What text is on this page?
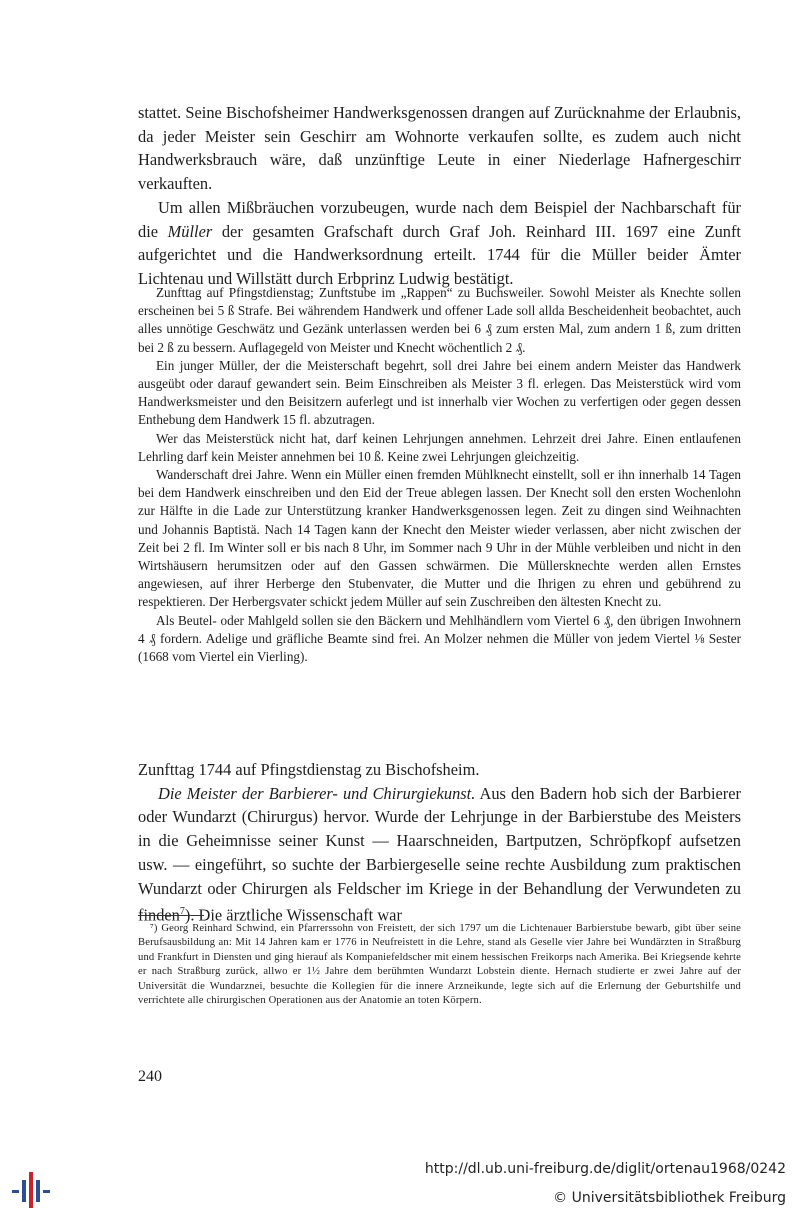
stattet. Seine Bischofsheimer Handwerksgenossen drangen auf Zurücknahme der Erlaubnis, da jeder Meister sein Geschirr am Wohnorte verkaufen sollte, es zudem auch nicht Handwerksbrauch wäre, daß unzünftige Leute in einer Niederlage Hafnergeschirr verkauften.

Um allen Mißbräuchen vorzubeugen, wurde nach dem Beispiel der Nachbarschaft für die Müller der gesamten Grafschaft durch Graf Joh. Reinhard III. 1697 eine Zunft aufgerichtet und die Handwerksordnung erteilt. 1744 für die Müller beider Ämter Lichtenau und Willstätt durch Erbprinz Ludwig bestätigt.

Zunfttag auf Pfingstdienstag; Zunftstube im „Rappen“ zu Buchsweiler. Sowohl Meister als Knechte sollen erscheinen bei 5 ß Strafe. Bei währendem Handwerk und offener Lade soll allda Bescheidenheit beobachtet, auch alles unnötige Geschwätz und Gezänk unterlassen werden bei 6 ₰ zum ersten Mal, zum andern 1 ß, zum dritten bei 2 ß zu bessern. Auflagegeld von Meister und Knecht wöchentlich 2 ₰.

Ein junger Müller, der die Meisterschaft begehrt, soll drei Jahre bei einem andern Meister das Handwerk ausgeübt oder darauf gewandert sein. Beim Einschreiben als Meister 3 fl. erlegen. Das Meisterstück wird vom Handwerksmeister und den Beisitzern auferlegt und ist innerhalb vier Wochen zu verfertigen oder gegen dessen Enthebung dem Handwerk 15 fl. abzutragen.

Wer das Meisterstück nicht hat, darf keinen Lehrjungen annehmen. Lehrzeit drei Jahre. Einen entlaufenen Lehrling darf kein Meister annehmen bei 10 ß. Keine zwei Lehrjungen gleichzeitig.

Wanderschaft drei Jahre. Wenn ein Müller einen fremden Mühlknecht einstellt, soll er ihn innerhalb 14 Tagen bei dem Handwerk einschreiben und den Eid der Treue ablegen lassen. Der Knecht soll den ersten Wochenlohn zur Hälfte in die Lade zur Unterstützung kranker Handwerksgenossen legen. Zeit zu dingen sind Weihnachten und Johannis Baptistä. Nach 14 Tagen kann der Knecht den Meister wieder verlassen, aber nicht zwischen der Zeit bei 2 fl. Im Winter soll er bis nach 8 Uhr, im Sommer nach 9 Uhr in der Mühle verbleiben und nicht in den Wirtshäusern herumsitzen oder auf den Gassen schwärmen. Die Müllersknechte werden allen Ernstes angewiesen, auf ihrer Herberge den Stubenvater, die Mutter und die Ihrigen zu ehren und gebührend zu respektieren. Der Herbergsvater schickt jedem Müller auf sein Zuschreiben den ältesten Knecht zu.

Als Beutel- oder Mahlgeld sollen sie den Bäckern und Mehlhändlern vom Viertel 6 ₰, den übrigen Inwohnern 4 ₰ fordern. Adelige und gräfliche Beamte sind frei. An Molzer nehmen die Müller von jedem Viertel ⅛ Sester (1668 vom Viertel ein Vierling).

Zunfttag 1744 auf Pfingstdienstag zu Bischofsheim.

Die Meister der Barbierer- und Chirurgiekunst. Aus den Badern hob sich der Barbierer oder Wundarzt (Chirurgus) hervor. Wurde der Lehrjunge in der Barbierstube des Meisters in die Geheimnisse seiner Kunst — Haarschneiden, Bartputzen, Schröpfkopf aufsetzen usw. — eingeführt, so suchte der Barbiergeselle seine rechte Ausbildung zum praktischen Wundarzt oder Chirurgen als Feldscher im Kriege in der Behandlung der Verwundeten zu finden$^7$). Die ärztliche Wissenschaft war

⁷) Georg Reinhard Schwind, ein Pfarrerssohn von Freistett, der sich 1797 um die Lichtenauer Barbierstube bewarb, gibt über seine Berufsausbildung an: Mit 14 Jahren kam er 1776 in Neufreistett in die Lehre, stand als Geselle vier Jahre bei Wundärzten in Straßburg und Frankfurt in Diensten und ging hierauf als Kompaniefeldscher mit einem hessischen Freikorps nach Amerika. Bei Kriegsende kehrte er nach Straßburg zurück, allwo er 1½ Jahre dem berühmten Wundarzt Lobstein diente. Hernach studierte er zwei Jahre auf der Universität die Wundarznei, besuchte die Kollegien für die innere Arzneikunde, legte sich auf die Erlernung der Geburtshilfe und verrichtete alle chirurgischen Operationen aus der Anatomie an toten Körpern.

240
http://dl.ub.uni-freiburg.de/diglit/ortenau1968/0242
© Universitätsbibliothek Freiburg
